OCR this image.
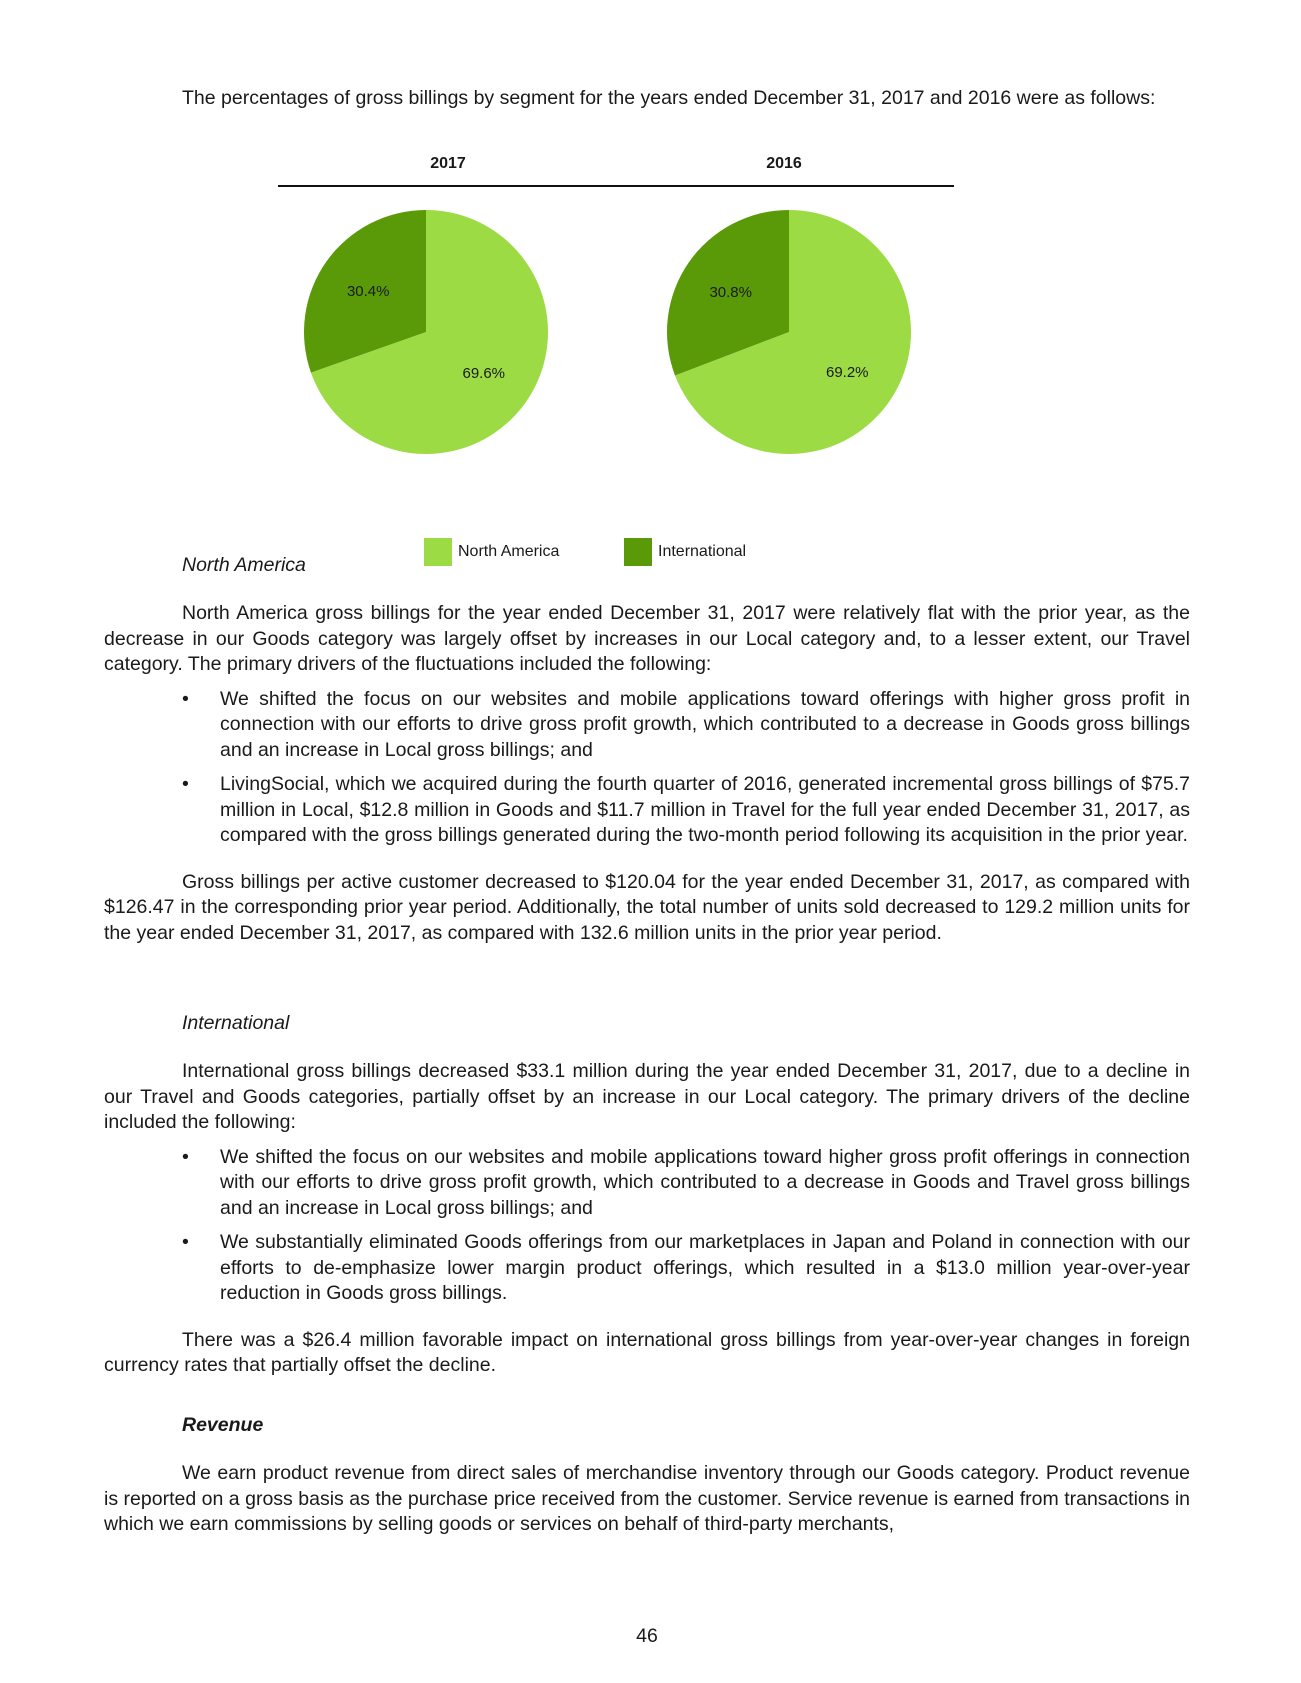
The percentages of gross billings by segment for the years ended December 31, 2017 and 2016 were as follows:

2017	2016
69.6%
30.4%
69.2%
30.8%
North America	International
North America

North America gross billings for the year ended December 31, 2017 were relatively flat with the prior year, as the decrease in our Goods category was largely offset by increases in our Local category and, to a lesser extent, our Travel category. The primary drivers of the fluctuations included the following:

• We shifted the focus on our websites and mobile applications toward offerings with higher gross profit in connection with our efforts to drive gross profit growth, which contributed to a decrease in Goods gross billings and an increase in Local gross billings; and
• LivingSocial, which we acquired during the fourth quarter of 2016, generated incremental gross billings of $75.7 million in Local, $12.8 million in Goods and $11.7 million in Travel for the full year ended December 31, 2017, as compared with the gross billings generated during the two-month period following its acquisition in the prior year.

Gross billings per active customer decreased to $120.04 for the year ended December 31, 2017, as compared with $126.47 in the corresponding prior year period. Additionally, the total number of units sold decreased to 129.2 million units for the year ended December 31, 2017, as compared with 132.6 million units in the prior year period.

International

International gross billings decreased $33.1 million during the year ended December 31, 2017, due to a decline in our Travel and Goods categories, partially offset by an increase in our Local category. The primary drivers of the decline included the following:

• We shifted the focus on our websites and mobile applications toward higher gross profit offerings in connection with our efforts to drive gross profit growth, which contributed to a decrease in Goods and Travel gross billings and an increase in Local gross billings; and
• We substantially eliminated Goods offerings from our marketplaces in Japan and Poland in connection with our efforts to de-emphasize lower margin product offerings, which resulted in a $13.0 million year-over-year reduction in Goods gross billings.

There was a $26.4 million favorable impact on international gross billings from year-over-year changes in foreign currency rates that partially offset the decline.

Revenue

We earn product revenue from direct sales of merchandise inventory through our Goods category. Product revenue is reported on a gross basis as the purchase price received from the customer. Service revenue is earned from transactions in which we earn commissions by selling goods or services on behalf of third-party merchants,

46
